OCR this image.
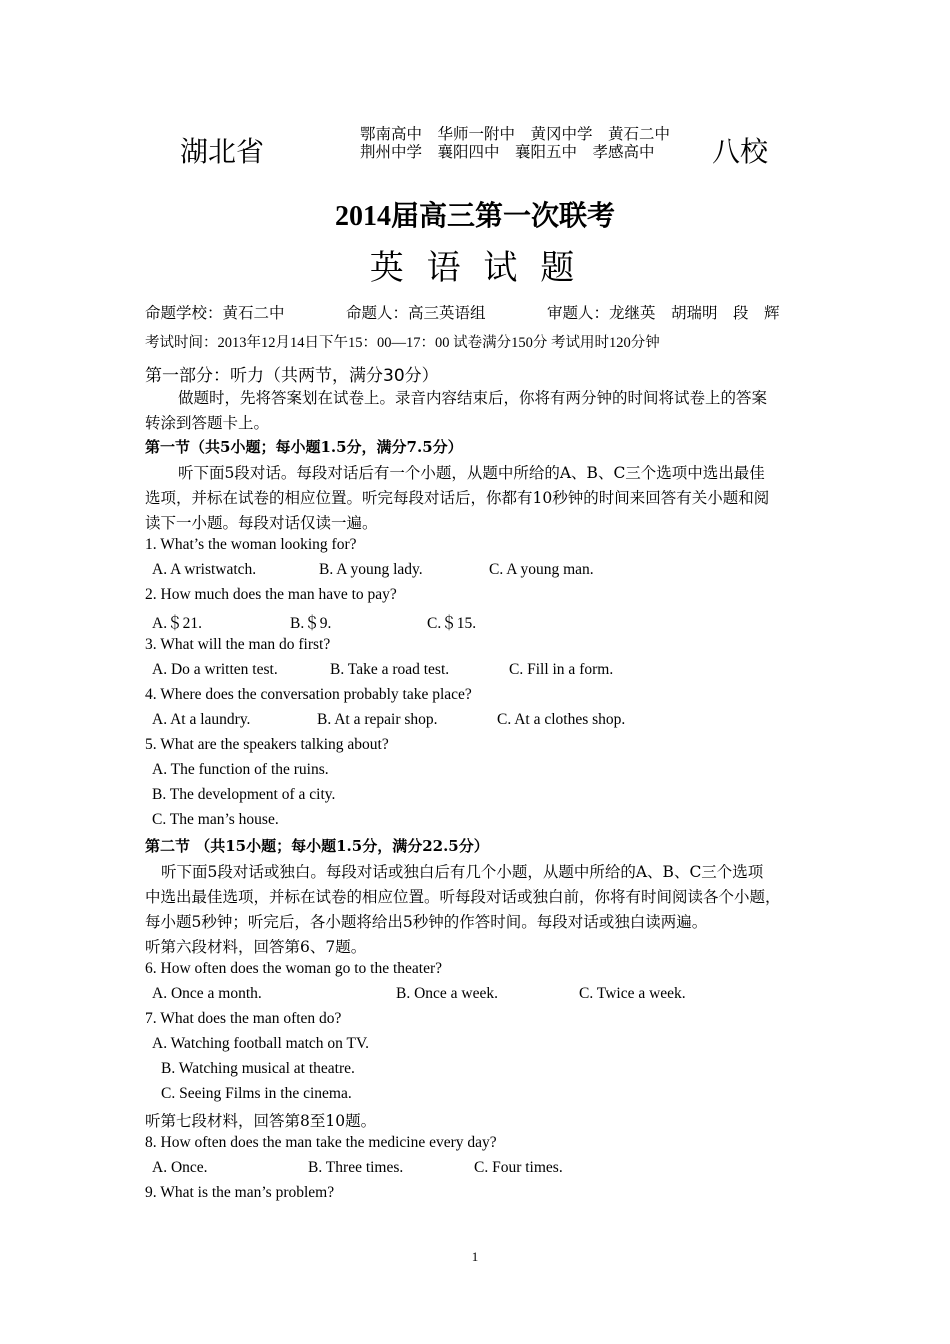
湖北省
鄂南高中　华师一附中　黄冈中学　黄石二中
荆州中学　襄阳四中　襄阳五中　孝感高中 八校
2014届高三第一次联考
英 语 试 题
命题学校：黄石二中	命题人：高三英语组	审题人：龙继英　胡瑞明　段　辉
考试时间：2013年12月14日下午15：00—17：00 试卷满分150分 考试用时120分钟
第一部分：听力（共两节，满分30分）
做题时，先将答案划在试卷上。录音内容结束后，你将有两分钟的时间将试卷上的答案
转涂到答题卡上。
第一节（共5小题；每小题1.5分，满分7.5分）
听下面5段对话。每段对话后有一个小题，从题中所给的A、B、C三个选项中选出最佳
选项，并标在试卷的相应位置。听完每段对话后，你都有10秒钟的时间来回答有关小题和阅
读下一小题。每段对话仅读一遍。
1. What’s the woman looking for?
A. A wristwatch.	B. A young lady.	C. A young man.
2. How much does the man have to pay?
A.＄21.	B.＄9.	C.＄15.
3. What will the man do first?
A. Do a written test.	B. Take a road test.	C. Fill in a form.
4. Where does the conversation probably take place?
A. At a laundry.	B. At a repair shop.	C. At a clothes shop.
5. What are the speakers talking about?
A. The function of the ruins.
B. The development of a city.
C. The man’s house.
第二节 （共15小题；每小题1.5分，满分22.5分）
听下面5段对话或独白。每段对话或独白后有几个小题，从题中所给的A、B、C三个选项
中选出最佳选项，并标在试卷的相应位置。听每段对话或独白前，你将有时间阅读各个小题，
每小题5秒钟；听完后，各小题将给出5秒钟的作答时间。每段对话或独白读两遍。
听第六段材料，回答第6、7题。
6. How often does the woman go to the theater?
A. Once a month.	B. Once a week.	C. Twice a week.
7. What does the man often do?
A. Watching football match on TV.
B. Watching musical at theatre.
C. Seeing Films in the cinema.
听第七段材料，回答第8至10题。
8. How often does the man take the medicine every day?
A. Once.	B. Three times.	C. Four times.
9. What is the man’s problem?
1
